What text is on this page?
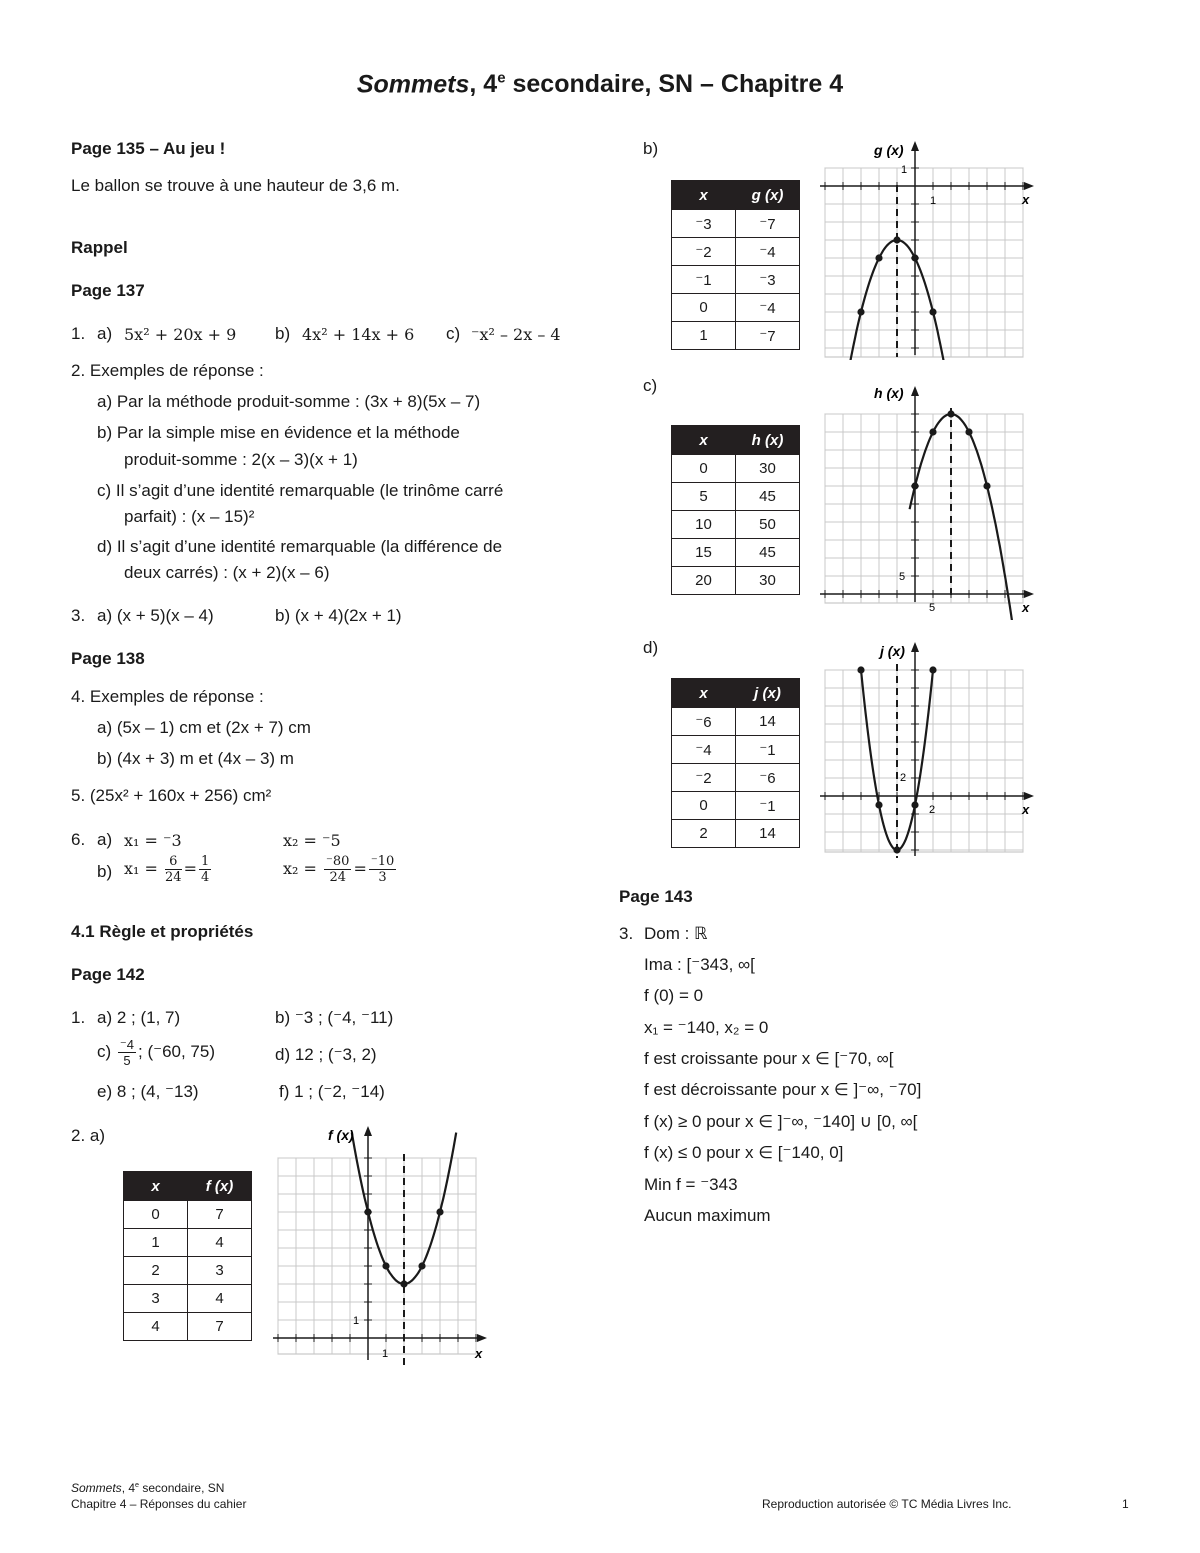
Sommets, 4e secondaire, SN – Chapitre 4
Page 135 – Au jeu !
Le ballon se trouve à une hauteur de 3,6 m.
Rappel
Page 137
1. a) 5x² + 20x + 9 b) 4x² + 14x + 6 c) ⁻x² – 2x – 4
2. Exemples de réponse :
a) Par la méthode produit-somme : (3x + 8)(5x – 7)
b) Par la simple mise en évidence et la méthode
produit-somme : 2(x – 3)(x + 1)
c) Il s’agit d’une identité remarquable (le trinôme carré
parfait) : (x – 15)²
d) Il s’agit d’une identité remarquable (la différence de
deux carrés) : (x + 2)(x – 6)
3. a) (x + 5)(x – 4)	b) (x + 4)(2x + 1)
Page 138
4. Exemples de réponse :
a) (5x – 1) cm et (2x + 7) cm
b) (4x + 3) m et (4x – 3) m
5. (25x² + 160x + 256) cm²
6. a) x₁ = ⁻3	x₂ = ⁻5
b) $x_1 = \frac{6}{24} = \frac{1}{4}$	$x_2 = \frac{^-80}{24} = \frac{^-10}{3}$
4.1 Règle et propriétés
Page 142
1. a) 2 ; (1, 7)	b) ⁻3 ; (⁻4, ⁻11)
$c) \frac{^-4}{5}$ ; (⁻60, 75)	d) 12 ; (⁻3, 2)
e) 8 ; (4, ⁻13)	f) 1 ; (⁻2, ⁻14)
2. a)
x	f (x)
0	7
1	4
2	3
3	4
4	7
f (x)
x
1
1
b)
x	g (x)
⁻3	⁻7
⁻2	⁻4
⁻1	⁻3
0	⁻4
1	⁻7
g (x)
x
1
1
c)
x	h (x)
0	30
5	45
10	50
15	45
20	30
h (x)
x
5
5
d)
x	j (x)
⁻6	14
⁻4	⁻1
⁻2	⁻6
0	⁻1
2	14
j (x)
x
2
2
Page 143
3. Dom : ℝ
Ima : [⁻343, ∞[
f (0) = 0
x₁ = ⁻140, x₂ = 0
f est croissante pour x ∈ [⁻70, ∞[
f est décroissante pour x ∈ ]⁻∞, ⁻70]
f (x) ≥ 0 pour x ∈ ]⁻∞, ⁻140] ∪ [0, ∞[
f (x) ≤ 0 pour x ∈ [⁻140, 0]
Min f = ⁻343
Aucun maximum
Sommets, 4e secondaire, SN
Chapitre 4 – Réponses du cahier	Reproduction autorisée © TC Média Livres Inc.	1
